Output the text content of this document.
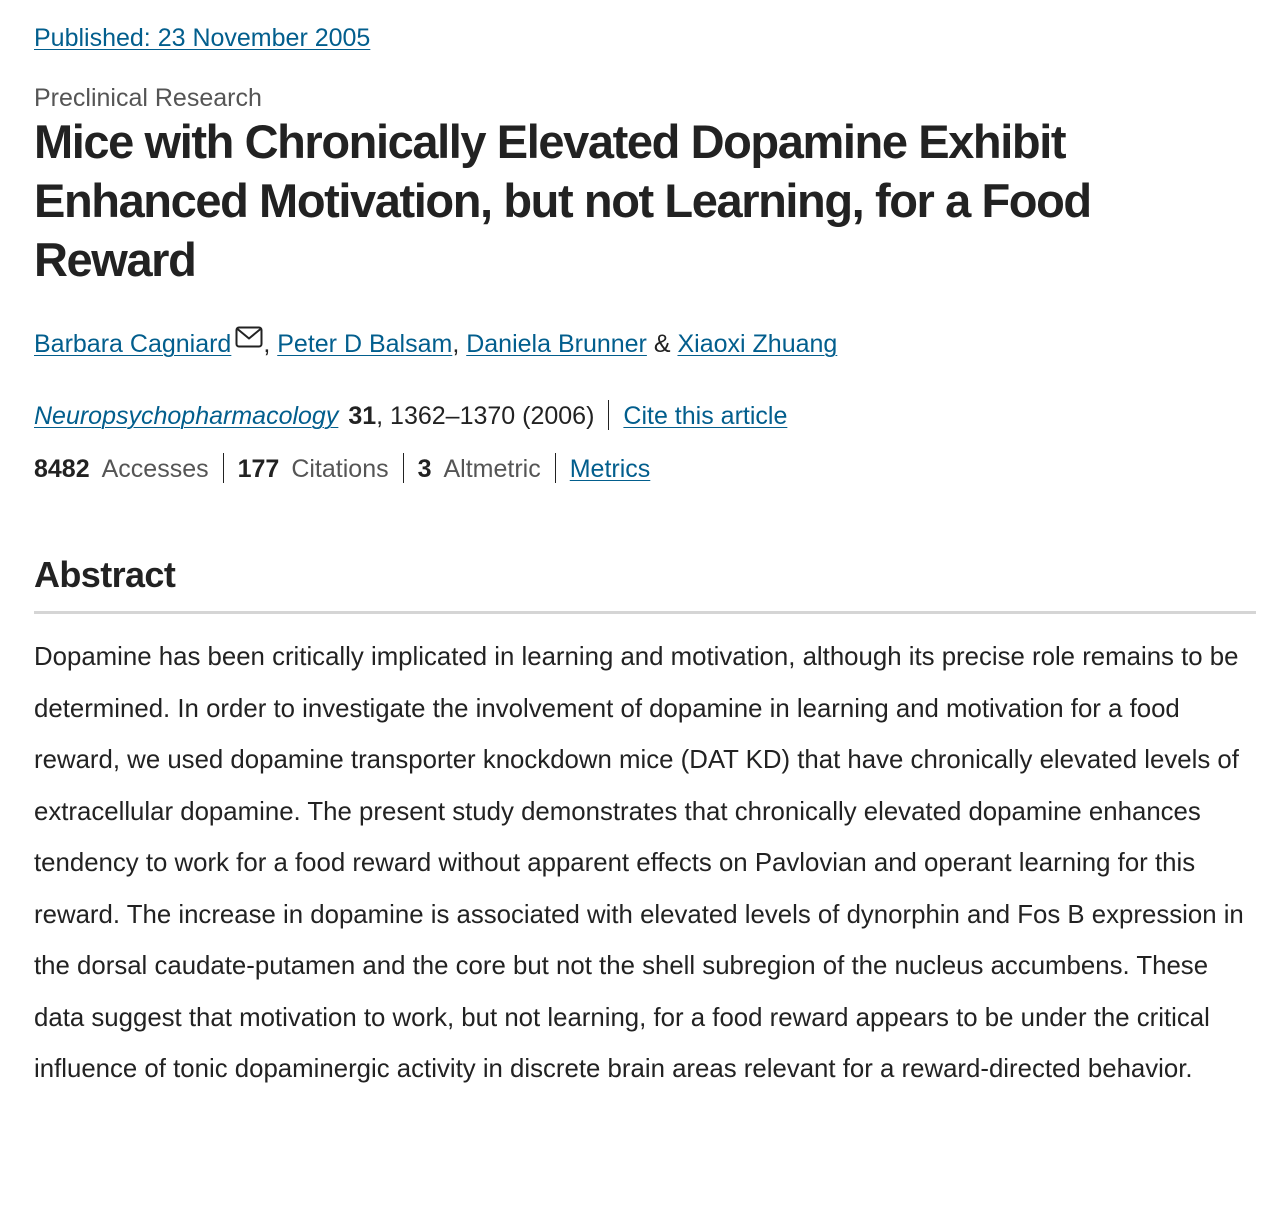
Published: 23 November 2005
Preclinical Research
Mice with Chronically Elevated Dopamine Exhibit Enhanced Motivation, but not Learning, for a Food Reward
Barbara Cagniard , Peter D Balsam, Daniela Brunner & Xiaoxi Zhuang
Neuropsychopharmacology 31, 1362–1370 (2006) Cite this article
8482 Accesses 177 Citations 3 Altmetric Metrics
Abstract

Dopamine has been critically implicated in learning and motivation, although its precise role remains to be determined. In order to investigate the involvement of dopamine in learning and motivation for a food reward, we used dopamine transporter knockdown mice (DAT KD) that have chronically elevated levels of extracellular dopamine. The present study demonstrates that chronically elevated dopamine enhances tendency to work for a food reward without apparent effects on Pavlovian and operant learning for this reward. The increase in dopamine is associated with elevated levels of dynorphin and Fos B expression in the dorsal caudate-putamen and the core but not the shell subregion of the nucleus accumbens. These data suggest that motivation to work, but not learning, for a food reward appears to be under the critical influence of tonic dopaminergic activity in discrete brain areas relevant for a reward-directed behavior.
